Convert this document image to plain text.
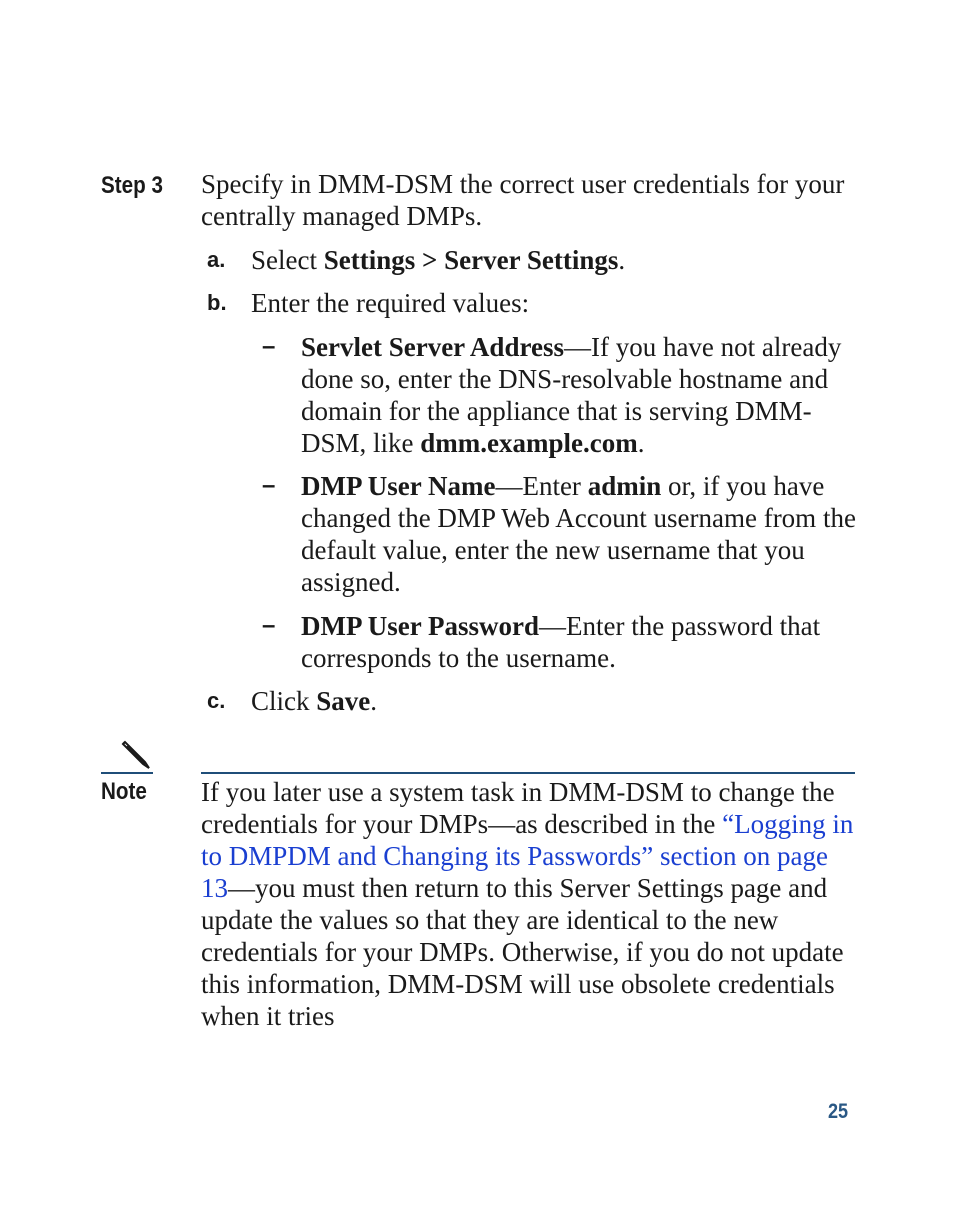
Step 3 Specify in DMM-DSM the correct user credentials for your centrally managed DMPs.
a. Select Settings > Server Settings.
b. Enter the required values:
– Servlet Server Address—If you have not already done so, enter the DNS-resolvable hostname and domain for the appliance that is serving DMM-DSM, like dmm.example.com.
– DMP User Name—Enter admin or, if you have changed the DMP Web Account username from the default value, enter the new username that you assigned.
– DMP User Password—Enter the password that corresponds to the username.
c. Click Save.
Note If you later use a system task in DMM-DSM to change the credentials for your DMPs—as described in the “Logging in to DMPDM and Changing its Passwords” section on page 13—you must then return to this Server Settings page and update the values so that they are identical to the new credentials for your DMPs. Otherwise, if you do not update this information, DMM-DSM will use obsolete credentials when it tries
25
